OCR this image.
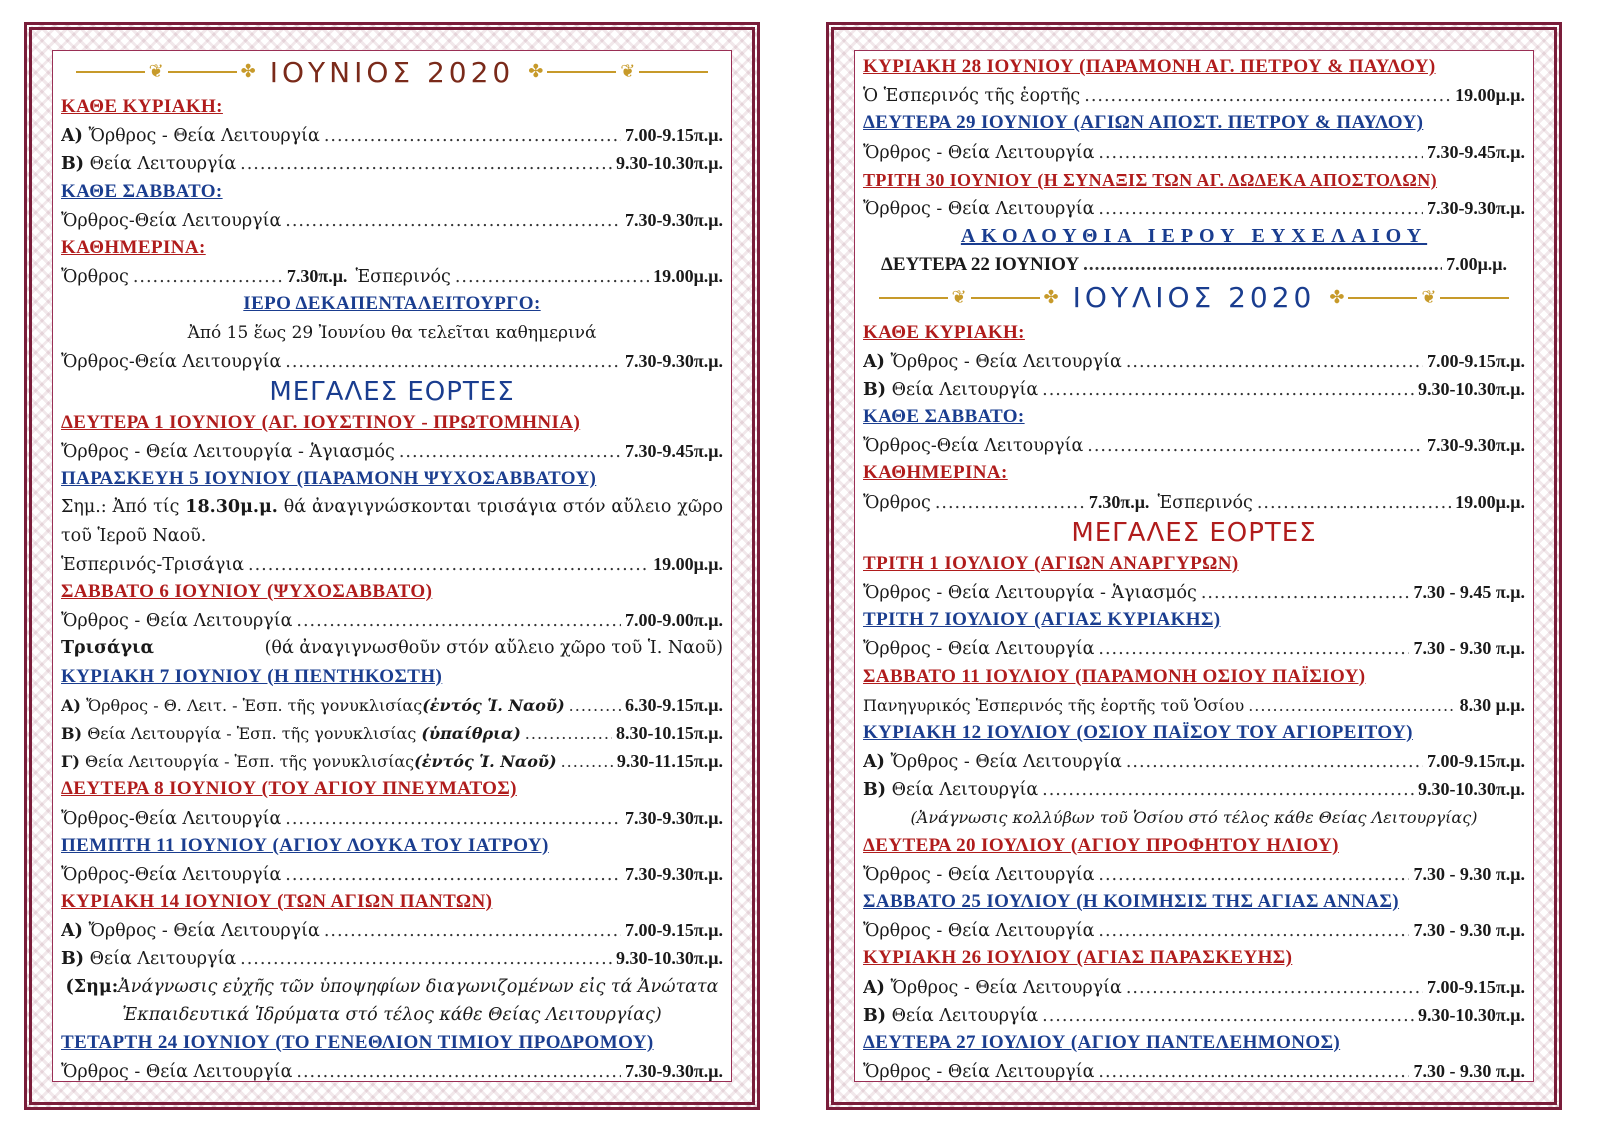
❦	✤ ΙΟΥΝΙΟΣ 2020 ✤	❦
ΚΑΘΕ ΚΥΡΙΑΚΗ:
Α) Ὄρθρος - Θεία Λειτουργία .....	7.00-9.15π.μ.
Β) Θεία Λειτουργία .....	9.30-10.30π.μ.
ΚΑΘΕ ΣΑΒΒΑΤΟ:
Ὄρθρος-Θεία Λειτουργία .....	7.30-9.30π.μ.
ΚΑΘΗΜΕΡΙΝΑ:
Ὄρθρος .....	7.30π.μ. Ἑσπερινός .....	19.00μ.μ.
ΙΕΡΟ ΔΕΚΑΠΕΝΤΑΛΕΙΤΟΥΡΓΟ:
Ἀπό 15 ἕως 29 Ἰουνίου θα τελεῖται καθημερινά
Ὄρθρος-Θεία Λειτουργία .....	7.30-9.30π.μ.
ΜΕΓΑΛΕΣ ΕΟΡΤΕΣ
ΔΕΥΤΕΡΑ 1 ΙΟΥΝΙΟΥ (ΑΓ. ΙΟΥΣΤΙΝΟΥ - ΠΡΩΤΟΜΗΝΙΑ)
Ὄρθρος - Θεία Λειτουργία - Ἁγιασμός .....	7.30-9.45π.μ.
ΠΑΡΑΣΚΕΥΗ 5 ΙΟΥΝΙΟΥ (ΠΑΡΑΜΟΝΗ ΨΥΧΟΣΑΒΒΑΤΟΥ)
Σημ.: Ἀπό τίς 18.30μ.μ. θά ἀναγιγνώσκονται τρισάγια στόν αὔλειο χῶρο τοῦ Ἱεροῦ Ναοῦ.
Ἑσπερινός-Τρισάγια .....	19.00μ.μ.
ΣΑΒΒΑΤΟ 6 ΙΟΥΝΙΟΥ (ΨΥΧΟΣΑΒΒΑΤΟ)
Ὄρθρος - Θεία Λειτουργία .....	7.00-9.00π.μ.
Τρισάγια	(θά ἀναγιγνωσθοῦν στόν αὔλειο χῶρο τοῦ Ἱ. Ναοῦ)
ΚΥΡΙΑΚΗ 7 ΙΟΥΝΙΟΥ (Η ΠΕΝΤΗΚΟΣΤΗ)
Α) Ὄρθρος - Θ. Λειτ. - Ἑσπ. τῆς γονυκλισίας(ἐντός Ἱ. Ναοῦ) .....	6.30-9.15π.μ.
Β) Θεία Λειτουργία - Ἑσπ. τῆς γονυκλισίας (ὑπαίθρια) .....	8.30-10.15π.μ.
Γ) Θεία Λειτουργία - Ἑσπ. τῆς γονυκλισίας(ἐντός Ἱ. Ναοῦ) .....	9.30-11.15π.μ.
ΔΕΥΤΕΡΑ 8 ΙΟΥΝΙΟΥ (ΤΟΥ ΑΓΙΟΥ ΠΝΕΥΜΑΤΟΣ)
Ὄρθρος-Θεία Λειτουργία .....	7.30-9.30π.μ.
ΠΕΜΠΤΗ 11 ΙΟΥΝΙΟΥ (ΑΓΙΟΥ ΛΟΥΚΑ ΤΟΥ ΙΑΤΡΟΥ)
Ὄρθρος-Θεία Λειτουργία .....	7.30-9.30π.μ.
ΚΥΡΙΑΚΗ 14 ΙΟΥΝΙΟΥ (ΤΩΝ ΑΓΙΩΝ ΠΑΝΤΩΝ)
Α) Ὄρθρος - Θεία Λειτουργία .....	7.00-9.15π.μ.
Β) Θεία Λειτουργία .....	9.30-10.30π.μ.
(Σημ:Ἀνάγνωσις εὐχῆς τῶν ὑποψηφίων διαγωνιζομένων εἰς τά Ἀνώτατα Ἐκπαιδευτικά Ἱδρύματα στό τέλος κάθε Θείας Λειτουργίας)
ΤΕΤΑΡΤΗ 24 ΙΟΥΝΙΟΥ (ΤΟ ΓΕΝΕΘΛΙΟΝ ΤΙΜΙΟΥ ΠΡΟΔΡΟΜΟΥ)
Ὄρθρος - Θεία Λειτουργία .....	7.30-9.30π.μ.
ΚΥΡΙΑΚΗ 28 ΙΟΥΝΙΟΥ (ΠΑΡΑΜΟΝΗ ΑΓ. ΠΕΤΡΟΥ & ΠΑΥΛΟΥ)
Ὁ Ἑσπερινός τῆς ἑορτῆς .....	19.00μ.μ.
ΔΕΥΤΕΡΑ 29 ΙΟΥΝΙΟΥ (ΑΓΙΩΝ ΑΠΟΣΤ. ΠΕΤΡΟΥ & ΠΑΥΛΟΥ)
Ὄρθρος - Θεία Λειτουργία .....	7.30-9.45π.μ.
ΤΡΙΤΗ 30 ΙΟΥΝΙΟΥ (Η ΣΥΝΑΞΙΣ ΤΩΝ ΑΓ. ΔΩΔΕΚΑ ΑΠΟΣΤΟΛΩΝ)
Ὄρθρος - Θεία Λειτουργία .....	7.30-9.30π.μ.
ΑΚΟΛΟΥΘΙΑ ΙΕΡΟΥ ΕΥΧΕΛΑΙΟΥ
ΔΕΥΤΕΡΑ 22 ΙΟΥΝΙΟΥ .....	7.00μ.μ.
❦	✤ ΙΟΥΛΙΟΣ 2020 ✤	❦
ΚΑΘΕ ΚΥΡΙΑΚΗ:
Α) Ὄρθρος - Θεία Λειτουργία .....	7.00-9.15π.μ.
Β) Θεία Λειτουργία .....	9.30-10.30π.μ.
ΚΑΘΕ ΣΑΒΒΑΤΟ:
Ὄρθρος-Θεία Λειτουργία .....	7.30-9.30π.μ.
ΚΑΘΗΜΕΡΙΝΑ:
Ὄρθρος .....	7.30π.μ. Ἑσπερινός .....	19.00μ.μ.
ΜΕΓΑΛΕΣ ΕΟΡΤΕΣ
ΤΡΙΤΗ 1 ΙΟΥΛΙΟΥ (ΑΓΙΩΝ ΑΝΑΡΓΥΡΩΝ)
Ὄρθρος - Θεία Λειτουργία - Ἁγιασμός .....	7.30 - 9.45 π.μ.
ΤΡΙΤΗ 7 ΙΟΥΛΙΟΥ (ΑΓΙΑΣ ΚΥΡΙΑΚΗΣ)
Ὄρθρος - Θεία Λειτουργία .....	7.30 - 9.30 π.μ.
ΣΑΒΒΑΤΟ 11 ΙΟΥΛΙΟΥ (ΠΑΡΑΜΟΝΗ ΟΣΙΟΥ ΠΑΪΣΙΟΥ)
Πανηγυρικός Ἑσπερινός τῆς ἑορτῆς τοῦ Ὁσίου .....	8.30 μ.μ.
ΚΥΡΙΑΚΗ 12 ΙΟΥΛΙΟΥ (ΟΣΙΟΥ ΠΑΪΣΟΥ ΤΟΥ ΑΓΙΟΡΕΙΤΟΥ)
Α) Ὄρθρος - Θεία Λειτουργία .....	7.00-9.15π.μ.
Β) Θεία Λειτουργία .....	9.30-10.30π.μ.
(Ἀνάγνωσις κολλύβων τοῦ Ὁσίου στό τέλος κάθε Θείας Λειτουργίας)
ΔΕΥΤΕΡΑ 20 ΙΟΥΛΙΟΥ (ΑΓΙΟΥ ΠΡΟΦΗΤΟΥ ΗΛΙΟΥ)
Ὄρθρος - Θεία Λειτουργία .....	7.30 - 9.30 π.μ.
ΣΑΒΒΑΤΟ 25 ΙΟΥΛΙΟΥ (Η ΚΟΙΜΗΣΙΣ ΤΗΣ ΑΓΙΑΣ ΑΝΝΑΣ)
Ὄρθρος - Θεία Λειτουργία .....	7.30 - 9.30 π.μ.
ΚΥΡΙΑΚΗ 26 ΙΟΥΛΙΟΥ (ΑΓΙΑΣ ΠΑΡΑΣΚΕΥΗΣ)
Α) Ὄρθρος - Θεία Λειτουργία .....	7.00-9.15π.μ.
Β) Θεία Λειτουργία .....	9.30-10.30π.μ.
ΔΕΥΤΕΡΑ 27 ΙΟΥΛΙΟΥ (ΑΓΙΟΥ ΠΑΝΤΕΛΕΗΜΟΝΟΣ)
Ὄρθρος - Θεία Λειτουργία .....	7.30 - 9.30 π.μ.
